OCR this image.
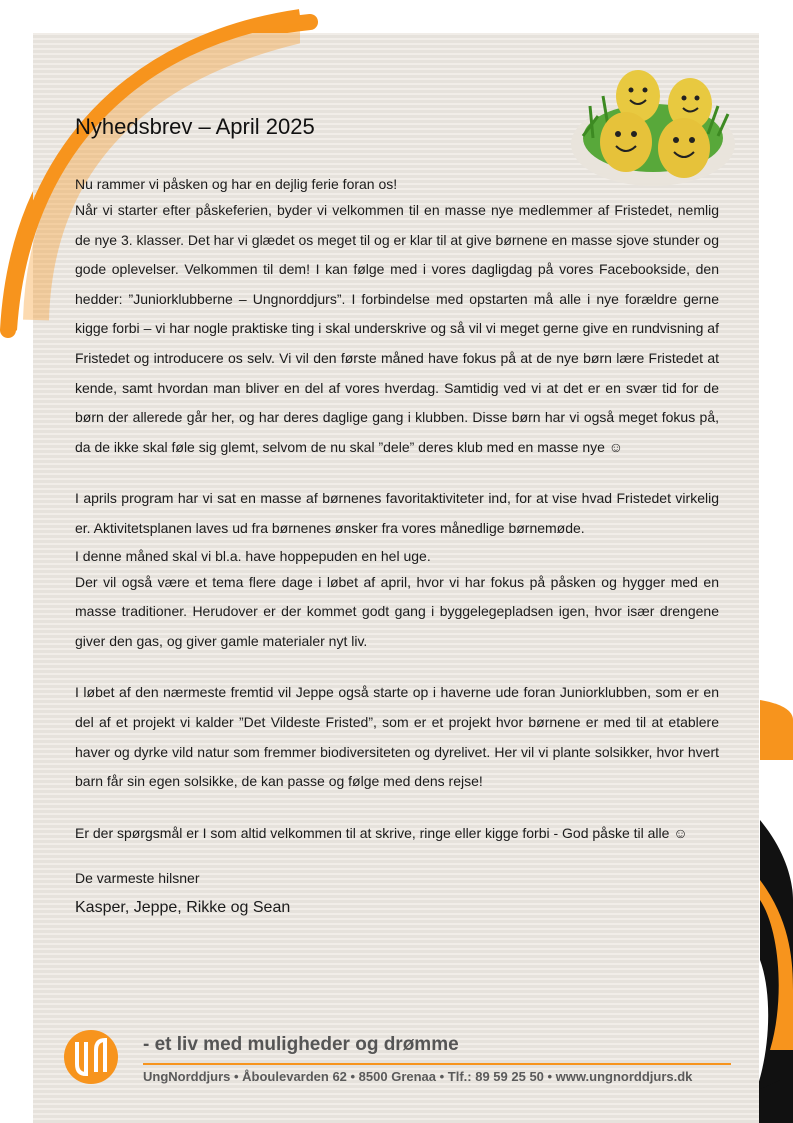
Nyhedsbrev – April 2025

Nu rammer vi påsken og har en dejlig ferie foran os!

Når vi starter efter påskeferien, byder vi velkommen til en masse nye medlemmer af Fristedet, nemlig de nye 3. klasser. Det har vi glædet os meget til og er klar til at give børnene en masse sjove stunder og gode oplevelser. Velkommen til dem! I kan følge med i vores dagligdag på vores Facebookside, den hedder: ”Juniorklubberne – Ungnorddjurs”. I forbindelse med opstarten må alle i nye forældre gerne kigge forbi – vi har nogle praktiske ting i skal underskrive og så vil vi meget gerne give en rundvisning af Fristedet og introducere os selv. Vi vil den første måned have fokus på at de nye børn lære Fristedet at kende, samt hvordan man bliver en del af vores hverdag. Samtidig ved vi at det er en svær tid for de børn der allerede går her, og har deres daglige gang i klubben. Disse børn har vi også meget fokus på, da de ikke skal føle sig glemt, selvom de nu skal ”dele” deres klub med en masse nye ☺

I aprils program har vi sat en masse af børnenes favoritaktiviteter ind, for at vise hvad Fristedet virkelig er. Aktivitetsplanen laves ud fra børnenes ønsker fra vores månedlige børnemøde.

I denne måned skal vi bl.a. have hoppepuden en hel uge.

Der vil også være et tema flere dage i løbet af april, hvor vi har fokus på påsken og hygger med en masse traditioner. Herudover er der kommet godt gang i byggelegepladsen igen, hvor især drengene giver den gas, og giver gamle materialer nyt liv.

I løbet af den nærmeste fremtid vil Jeppe også starte op i haverne ude foran Juniorklubben, som er en del af et projekt vi kalder ”Det Vildeste Fristed”, som er et projekt hvor børnene er med til at etablere haver og dyrke vild natur som fremmer biodiversiteten og dyrelivet. Her vil vi plante solsikker, hvor hvert barn får sin egen solsikke, de kan passe og følge med dens rejse!

Er der spørgsmål er I som altid velkommen til at skrive, ringe eller kigge forbi - God påske til alle ☺

De varmeste hilsner

Kasper, Jeppe, Rikke og Sean

- et liv med muligheder og drømme

UngNorddjurs • Åboulevarden 62 • 8500 Grenaa • Tlf.: 89 59 25 50 • www.ungnorddjurs.dk
